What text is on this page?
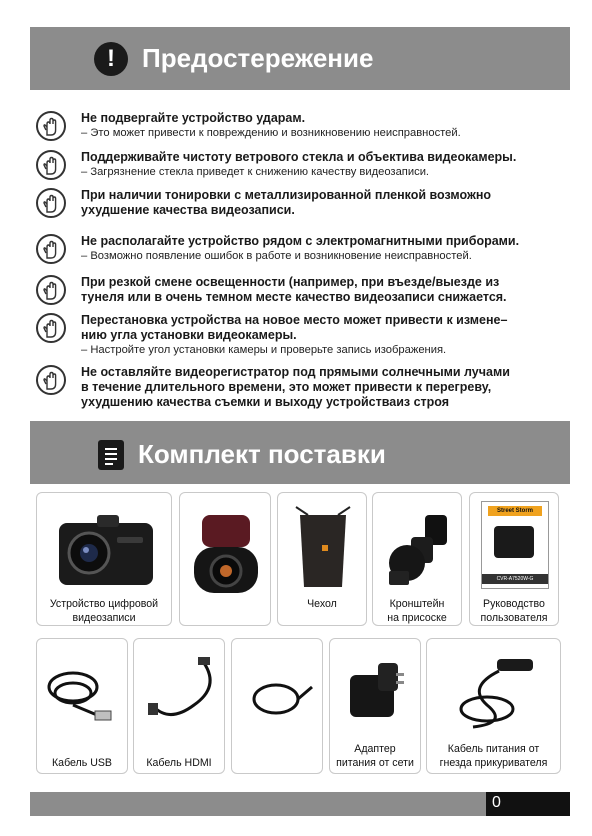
!	Предостережение

Не подвергайте устройство ударам.

– Это может привести к повреждению и возникновению неисправностей.

Поддерживайте чистоту ветрового стекла и объектива видеокамеры.

– Загрязнение стекла приведет к снижению качеству видеозаписи.

При наличии тонировки с металлизированной пленкой возможно

ухудшение качества видеозаписи.

Не располагайте устройство рядом с электромагнитными приборами.

– Возможно появление ошибок в работе и возникновение неисправностей.

При резкой смене освещенности (например, при въезде/выезде из

тунеля или в очень темном месте качество видеозаписи снижается.

Перестановка устройства на новое место может привести к измене–

нию угла установки видеокамеры.

– Настройте угол установки камеры и проверьте запись изображения.

Не оставляйте видеорегистратор под прямыми солнечными лучами

в течение длительного времени, это может привести к перегреву,

ухудшению качества съемки и выходу устройстваиз строя

Комплект поставки
Устройство цифровой
видеозаписи
Чехол	Кронштейн
на присоске
Street Storm
CVR-A7520W-G
Руководство
пользователя
Кабель USB	Кабель HDMI
Адаптер
питания от сети
Кабель питания от
гнезда прикуривателя
0
